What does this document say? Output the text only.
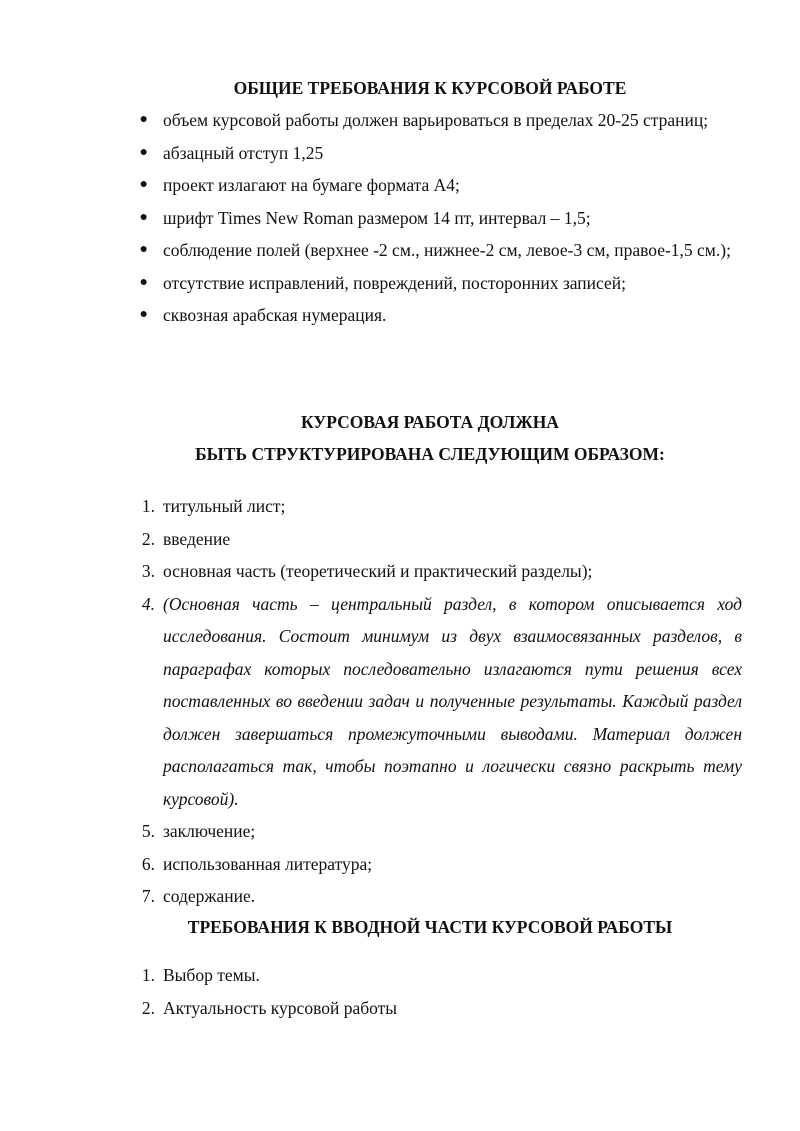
ОБЩИЕ ТРЕБОВАНИЯ К КУРСОВОЙ РАБОТЕ
● объем курсовой работы должен варьироваться в пределах 20-25 страниц;
● абзацный отступ 1,25
● проект излагают на бумаге формата А4;
● шрифт Times New Roman размером 14 пт, интервал – 1,5;
● соблюдение полей (верхнее -2 см., нижнее-2 см, левое-3 см, правое-1,5 см.);
● отсутствие исправлений, повреждений, посторонних записей;
● сквозная арабская нумерация.
КУРСОВАЯ РАБОТА ДОЛЖНА
БЫТЬ СТРУКТУРИРОВАНА СЛЕДУЮЩИМ ОБРАЗОМ:
1. титульный лист;
2. введение
3. основная часть (теоретический и практический разделы);
4. (Основная часть – центральный раздел, в котором описывается ход исследования. Состоит минимум из двух взаимосвязанных разделов, в параграфах которых последовательно излагаются пути решения всех поставленных во введении задач и полученные результаты. Каждый раздел должен завершаться промежуточными выводами. Материал должен располагаться так, чтобы поэтапно и логически связно раскрыть тему курсовой).
5. заключение;
6. использованная литература;
7. содержание.
ТРЕБОВАНИЯ К ВВОДНОЙ ЧАСТИ КУРСОВОЙ РАБОТЫ
1. Выбор темы.
2. Актуальность курсовой работы
